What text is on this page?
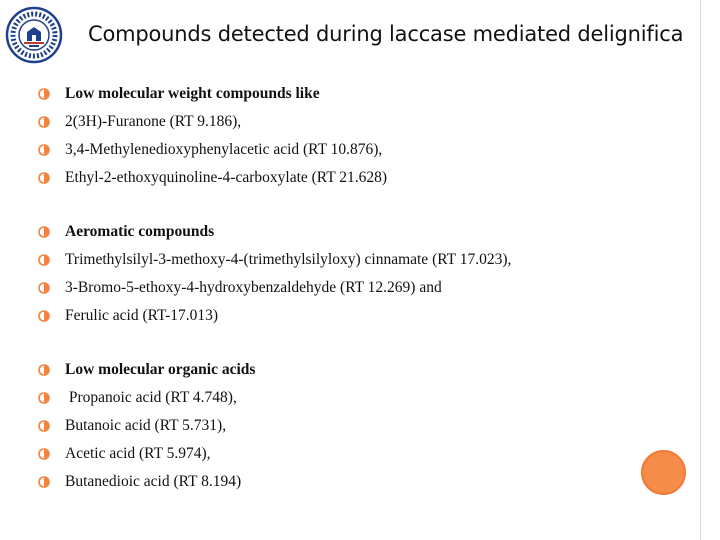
Compounds detected during laccase mediated delignifica
Low molecular weight compounds like
2(3H)-Furanone (RT 9.186),
3,4-Methylenedioxyphenylacetic acid (RT 10.876),
Ethyl-2-ethoxyquinoline-4-carboxylate (RT 21.628)
Aeromatic compounds
Trimethylsilyl-3-methoxy-4-(trimethylsilyloxy) cinnamate (RT 17.023),
3-Bromo-5-ethoxy-4-hydroxybenzaldehyde (RT 12.269) and
Ferulic acid (RT-17.013)
Low molecular organic acids
Propanoic acid (RT 4.748),
Butanoic acid (RT 5.731),
Acetic acid (RT 5.974),
Butanedioic acid (RT 8.194)
